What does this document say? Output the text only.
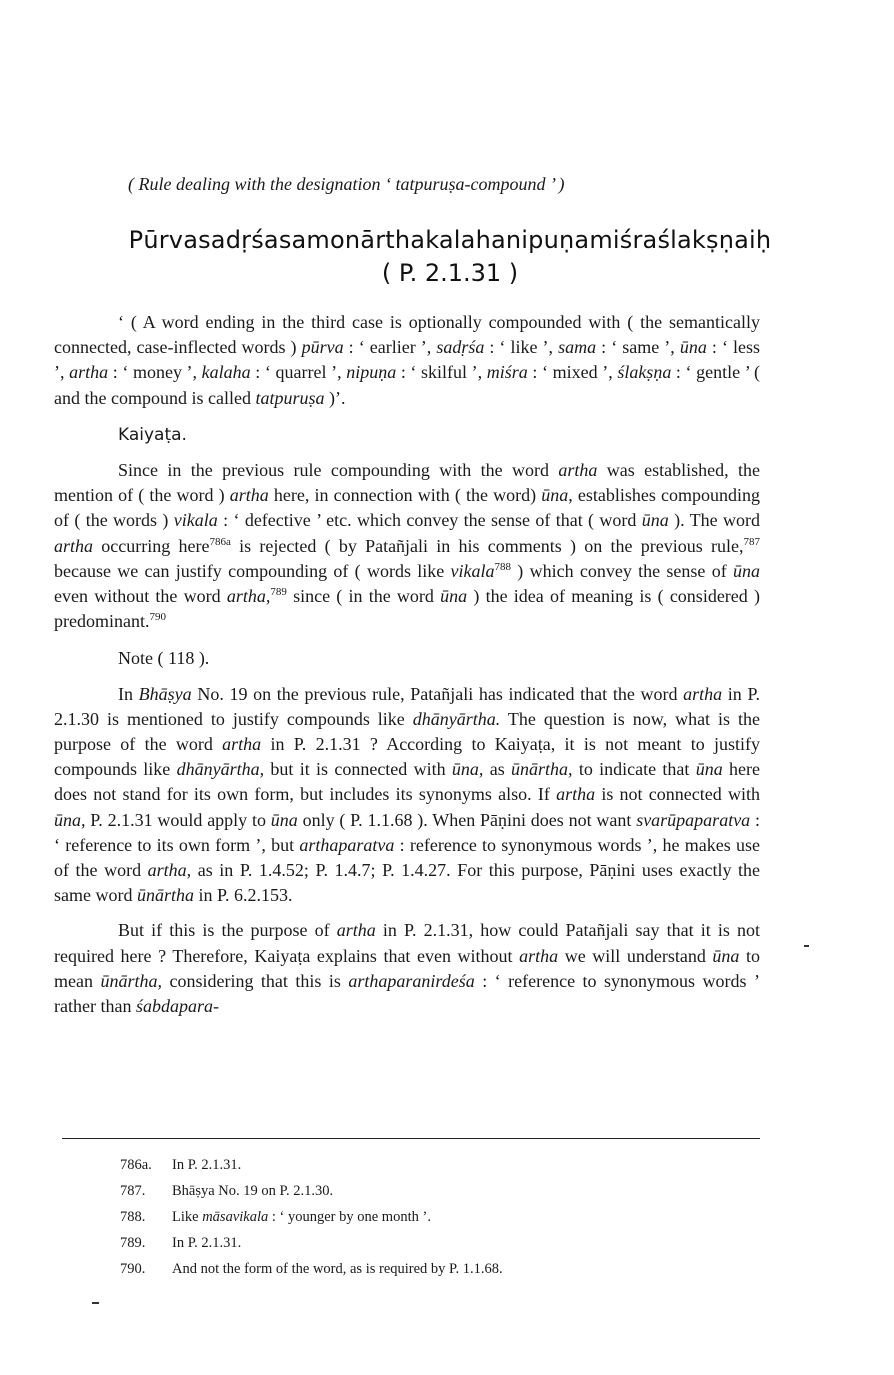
( Rule dealing with the designation ‘ tatpuruṣa-compound ’ )
Pūrvasadṛśasamonārthakalahanipuṇamiśraślakṣṇaiḥ
( P. 2.1.31 )

‘ ( A word ending in the third case is optionally compounded with ( the semantically connected, case-inflected words ) pūrva : ‘ earlier ’, sadṛśa : ‘ like ’, sama : ‘ same ’, ūna : ‘ less ’, artha : ‘ money ’, kalaha : ‘ quarrel ’, nipuṇa : ‘ skilful ’, miśra : ‘ mixed ’, ślakṣṇa : ‘ gentle ’ ( and the compound is called tatpuruṣa )’.

Kaiyaṭa.

Since in the previous rule compounding with the word artha was established, the mention of ( the word ) artha here, in connection with ( the word) ūna, establishes compounding of ( the words ) vikala : ‘ defective ’ etc. which convey the sense of that ( word ūna ). The word artha occurring here$^{786a}$ is rejected ( by Patañjali in his comments ) on the previous rule,$^{787}$ because we can justify compounding of ( words like vikala$^{788}$ ) which convey the sense of ūna even without the word artha,$^{789}$ since ( in the word ūna ) the idea of meaning is ( considered ) predominant.$^{790}$

Note ( 118 ).

In Bhāṣya No. 19 on the previous rule, Patañjali has indicated that the word artha in P. 2.1.30 is mentioned to justify compounds like dhānyārtha. The question is now, what is the purpose of the word artha in P. 2.1.31 ? According to Kaiyaṭa, it is not meant to justify compounds like dhānyārtha, but it is connected with ūna, as ūnārtha, to indicate that ūna here does not stand for its own form, but includes its synonyms also. If artha is not connected with ūna, P. 2.1.31 would apply to ūna only ( P. 1.1.68 ). When Pāṇini does not want svarūpaparatva : ‘ reference to its own form ’, but arthaparatva : reference to synonymous words ’, he makes use of the word artha, as in P. 1.4.52; P. 1.4.7; P. 1.4.27. For this purpose, Pāṇini uses exactly the same word ūnārtha in P. 6.2.153.

But if this is the purpose of artha in P. 2.1.31, how could Patañjali say that it is not required here ? Therefore, Kaiyaṭa explains that even without artha we will understand ūna to mean ūnārtha, considering that this is arthaparanirdeśa : ‘ reference to synonymous words ’ rather than śabdapara-

786a.	In P. 2.1.31.
787.	Bhāṣya No. 19 on P. 2.1.30.
788.	Like māsavikala : ‘ younger by one month ’.
789.	In P. 2.1.31.
790.	And not the form of the word, as is required by P. 1.1.68.
